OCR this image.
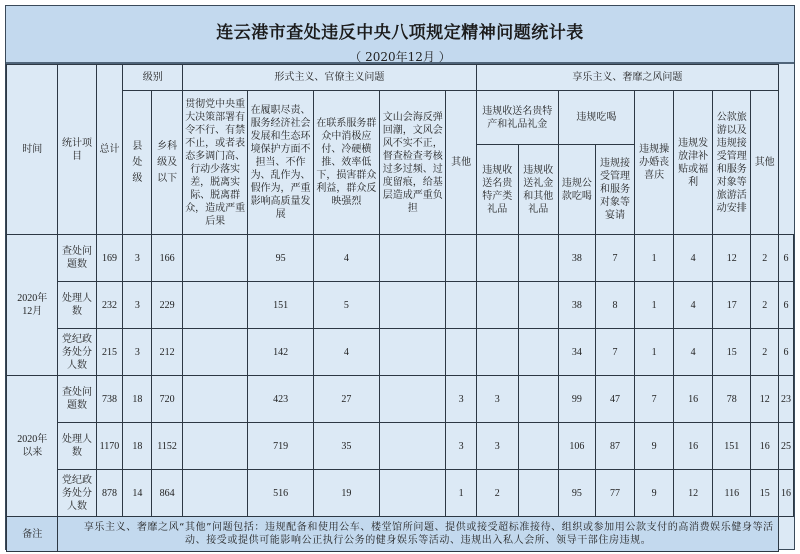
连云港市查处违反中央八项规定精神问题统计表
（ 2020年12月 ）
时间	统计项目	总计	级别		形式主义、官僚主义问题					享乐主义、奢靡之风问题								
			县处级	乡科级及以下	贯彻党中央重大决策部署有令不行、有禁不止，或者表态多调门高、行动少落实差，脱离实际、脱离群众，造成严重后果	在履职尽责、服务经济社会发展和生态环境保护方面不担当、不作为、乱作为、假作为，严重影响高质量发展	在联系服务群众中消极应付、冷硬横推、效率低下，损害群众利益，群众反映强烈	文山会海反弹回潮，文风会风不实不正，督查检查考核过多过频、过度留痕，给基层造成严重负担	其他	违规收送名贵特产和礼品礼金		违规吃喝		违规操办婚丧喜庆	违规发放津补贴或福利	公款旅游以及违规接受管理和服务对象等旅游活动安排	其他	
										违规收送名贵特产类礼品	违规收送礼金和其他礼品	违规公款吃喝	违规接受管理和服务对象等宴请					
2020年12月	查处问题数	169	3	166		95	4					38	7	1	4	12	2	6
	处理人数	232	3	229		151	5					38	8	1	4	17	2	6
	党纪政务处分人数	215	3	212		142	4					34	7	1	4	15	2	6
2020年以来	查处问题数	738	18	720		423	27		3	3		99	47	7	16	78	12	23
	处理人数	1170	18	1152		719	35		3	3		106	87	9	16	151	16	25
	党纪政务处分人数	878	14	864		516	19		1	2		95	77	9	12	116	15	16
备注	　　享乐主义、奢靡之风“其他”问题包括：违规配备和使用公车、楼堂馆所问题、提供或接受超标准接待、组织或参加用公款支付的高消费娱乐健身等活动、接受或提供可能影响公正执行公务的健身娱乐等活动、违规出入私人会所、领导干部住房违规。																	
